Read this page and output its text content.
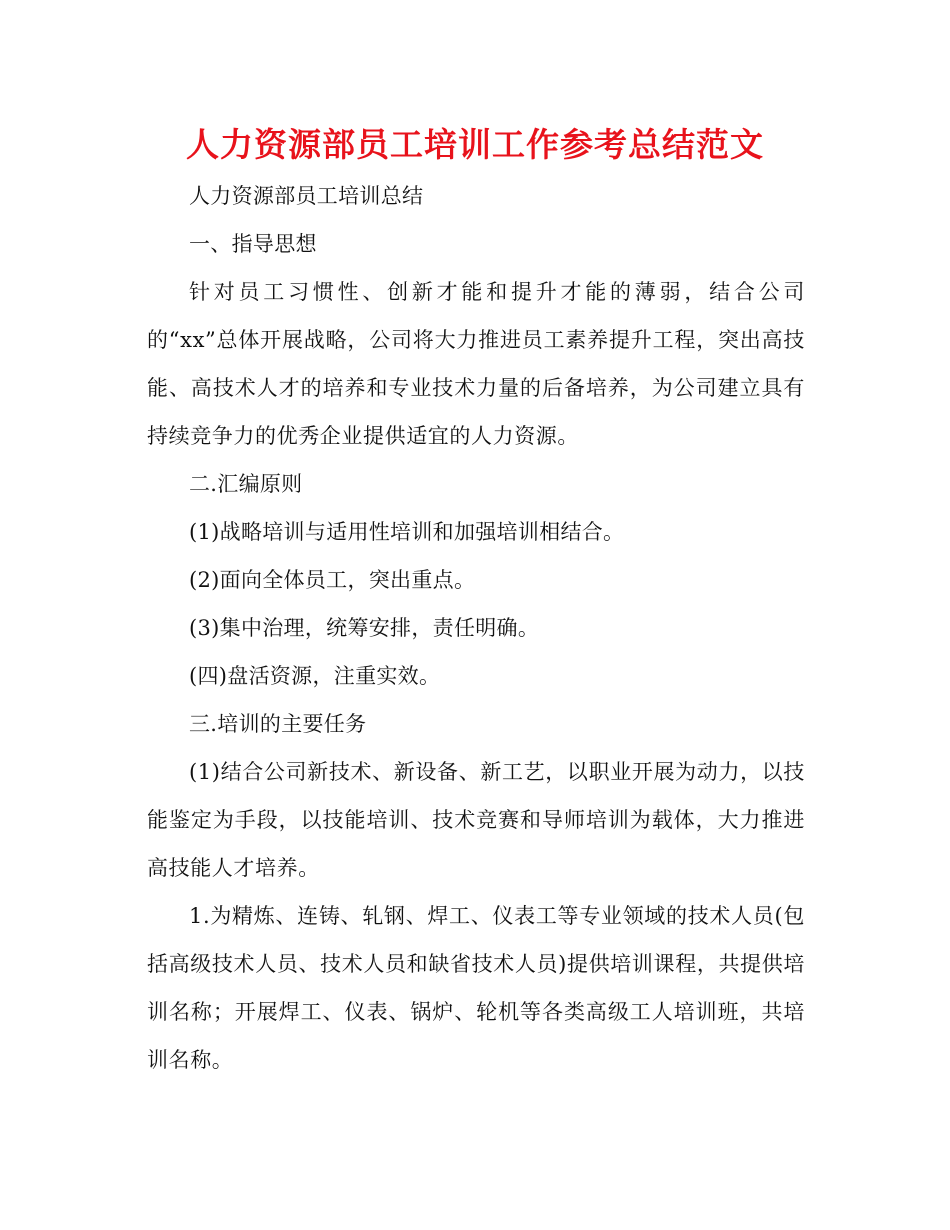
人力资源部员工培训工作参考总结范文

人力资源部员工培训总结

一、指导思想

针对员工习惯性、创新才能和提升才能的薄弱，结合公司的“xx”总体开展战略，公司将大力推进员工素养提升工程，突出高技能、高技术人才的培养和专业技术力量的后备培养，为公司建立具有持续竞争力的优秀企业提供适宜的人力资源。

二.汇编原则

(1)战略培训与适用性培训和加强培训相结合。

(2)面向全体员工，突出重点。

(3)集中治理，统筹安排，责任明确。

(四)盘活资源，注重实效。

三.培训的主要任务

(1)结合公司新技术、新设备、新工艺，以职业开展为动力，以技能鉴定为手段，以技能培训、技术竞赛和导师培训为载体，大力推进高技能人才培养。

1.为精炼、连铸、轧钢、焊工、仪表工等专业领域的技术人员(包括高级技术人员、技术人员和缺省技术人员)提供培训课程，共提供培训名称；开展焊工、仪表、锅炉、轮机等各类高级工人培训班，共培训名称。
